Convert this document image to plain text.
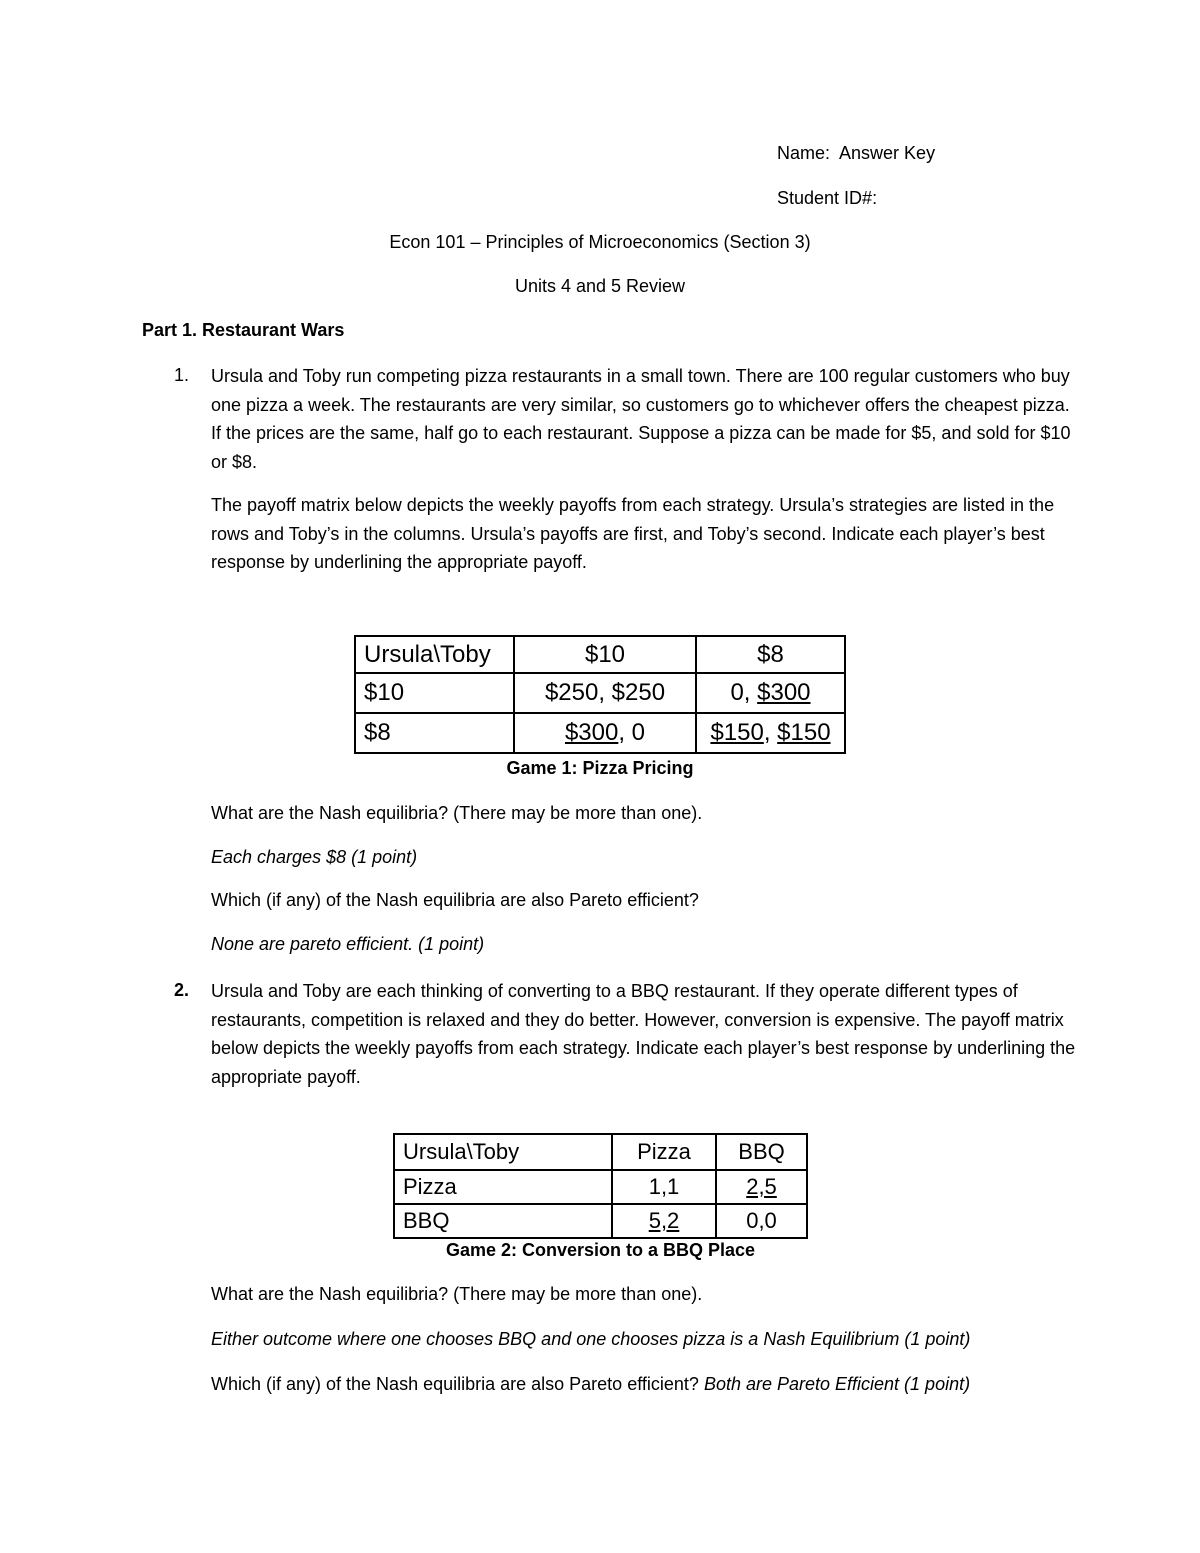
Name: Answer Key
Student ID#:
Econ 101 – Principles of Microeconomics (Section 3)
Units 4 and 5 Review
Part 1. Restaurant Wars
1. Ursula and Toby run competing pizza restaurants in a small town. There are 100 regular customers who buy one pizza a week. The restaurants are very similar, so customers go to whichever offers the cheapest pizza. If the prices are the same, half go to each restaurant. Suppose a pizza can be made for $5, and sold for $10 or $8.
The payoff matrix below depicts the weekly payoffs from each strategy. Ursula’s strategies are listed in the rows and Toby’s in the columns. Ursula’s payoffs are first, and Toby’s second. Indicate each player’s best response by underlining the appropriate payoff.
Ursula\Toby	$10	$8
$10	$250, $250	0, $300
$8	$300, 0	$150, $150
Game 1: Pizza Pricing
What are the Nash equilibria? (There may be more than one).
Each charges $8 (1 point)
Which (if any) of the Nash equilibria are also Pareto efficient?
None are pareto efficient. (1 point)
2. Ursula and Toby are each thinking of converting to a BBQ restaurant. If they operate different types of restaurants, competition is relaxed and they do better. However, conversion is expensive. The payoff matrix below depicts the weekly payoffs from each strategy. Indicate each player’s best response by underlining the appropriate payoff.
Ursula\Toby	Pizza	BBQ
Pizza	1,1	2,5
BBQ	5,2	0,0
Game 2: Conversion to a BBQ Place
What are the Nash equilibria? (There may be more than one).
Either outcome where one chooses BBQ and one chooses pizza is a Nash Equilibrium (1 point)
Which (if any) of the Nash equilibria are also Pareto efficient? Both are Pareto Efficient (1 point)
